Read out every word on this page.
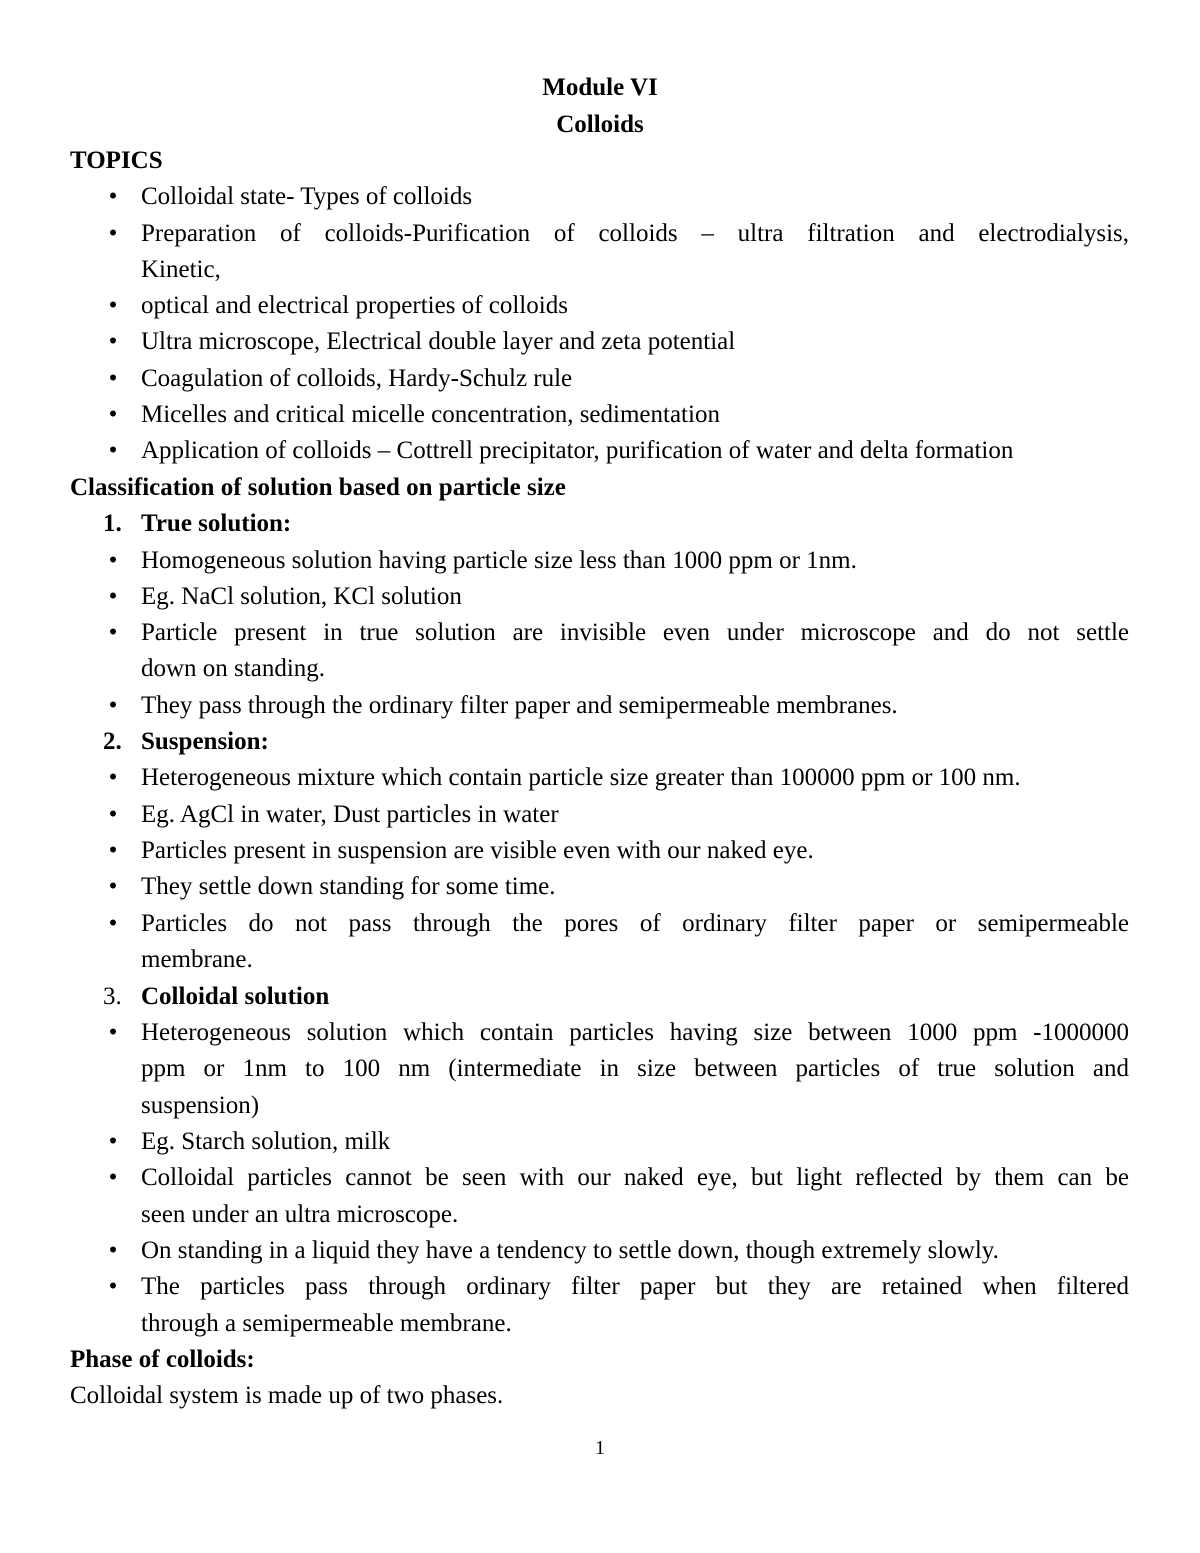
Module VI
Colloids
TOPICS
• Colloidal state- Types of colloids
• Preparation of colloids-Purification of colloids – ultra filtration and electrodialysis,
Kinetic,
• optical and electrical properties of colloids
• Ultra microscope, Electrical double layer and zeta potential
• Coagulation of colloids, Hardy-Schulz rule
• Micelles and critical micelle concentration, sedimentation
• Application of colloids – Cottrell precipitator, purification of water and delta formation
Classification of solution based on particle size
1. True solution:
• Homogeneous solution having particle size less than 1000 ppm or 1nm.
• Eg. NaCl solution, KCl solution
• Particle present in true solution are invisible even under microscope and do not settle
down on standing.
• They pass through the ordinary filter paper and semipermeable membranes.
2. Suspension:
• Heterogeneous mixture which contain particle size greater than 100000 ppm or 100 nm.
• Eg. AgCl in water, Dust particles in water
• Particles present in suspension are visible even with our naked eye.
• They settle down standing for some time.
• Particles do not pass through the pores of ordinary filter paper or semipermeable
membrane.
3. Colloidal solution
• Heterogeneous solution which contain particles having size between 1000 ppm -1000000
ppm or 1nm to 100 nm (intermediate in size between particles of true solution and
suspension)
• Eg. Starch solution, milk
• Colloidal particles cannot be seen with our naked eye, but light reflected by them can be
seen under an ultra microscope.
• On standing in a liquid they have a tendency to settle down, though extremely slowly.
• The particles pass through ordinary filter paper but they are retained when filtered
through a semipermeable membrane.
Phase of colloids:
Colloidal system is made up of two phases.
1
